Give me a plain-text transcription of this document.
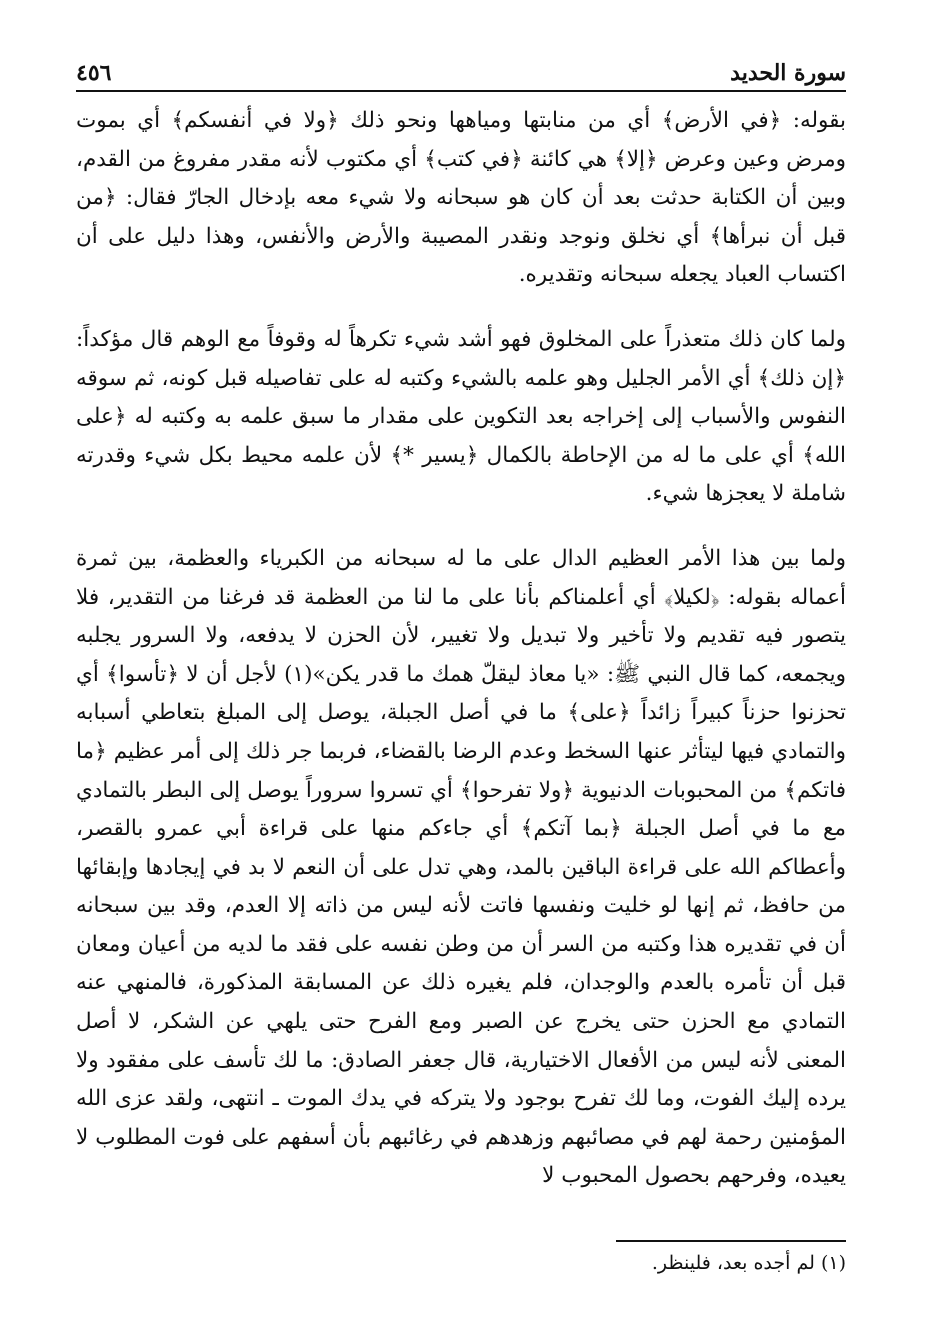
٤٥٦	سورة الحديد

بقوله: ﴿في الأرض﴾ أي من منابتها ومياهها ونحو ذلك ﴿ولا في أنفسكم﴾ أي بموت ومرض وعين وعرض ﴿إلا﴾ هي كائنة ﴿في كتب﴾ أي مكتوب لأنه مقدر مفروغ من القدم، وبين أن الكتابة حدثت بعد أن كان هو سبحانه ولا شيء معه بإدخال الجارّ فقال: ﴿من قبل أن نبرأها﴾ أي نخلق ونوجد ونقدر المصيبة والأرض والأنفس، وهذا دليل على أن اكتساب العباد يجعله سبحانه وتقديره.

ولما كان ذلك متعذراً على المخلوق فهو أشد شيء تكرهاً له وقوفاً مع الوهم قال مؤكداً: ﴿إن ذلك﴾ أي الأمر الجليل وهو علمه بالشيء وكتبه له على تفاصيله قبل كونه، ثم سوقه النفوس والأسباب إلى إخراجه بعد التكوين على مقدار ما سبق علمه به وكتبه له ﴿على الله﴾ أي على ما له من الإحاطة بالكمال ﴿يسير *﴾ لأن علمه محيط بكل شيء وقدرته شاملة لا يعجزها شيء.

ولما بين هذا الأمر العظيم الدال على ما له سبحانه من الكبرياء والعظمة، بين ثمرة أعماله بقوله: ﴿لكيلا﴾ أي أعلمناكم بأنا على ما لنا من العظمة قد فرغنا من التقدير، فلا يتصور فيه تقديم ولا تأخير ولا تبديل ولا تغيير، لأن الحزن لا يدفعه، ولا السرور يجلبه ويجمعه، كما قال النبي ﷺ: «يا معاذ ليقلّ همك ما قدر يكن»(١) لأجل أن لا ﴿تأسوا﴾ أي تحزنوا حزناً كبيراً زائداً ﴿على﴾ ما في أصل الجبلة، يوصل إلى المبلغ بتعاطي أسبابه والتمادي فيها ليتأثر عنها السخط وعدم الرضا بالقضاء، فربما جر ذلك إلى أمر عظيم ﴿ما فاتكم﴾ من المحبوبات الدنيوية ﴿ولا تفرحوا﴾ أي تسروا سروراً يوصل إلى البطر بالتمادي مع ما في أصل الجبلة ﴿بما آتكم﴾ أي جاءكم منها على قراءة أبي عمرو بالقصر، وأعطاكم الله على قراءة الباقين بالمد، وهي تدل على أن النعم لا بد في إيجادها وإبقائها من حافظ، ثم إنها لو خليت ونفسها فاتت لأنه ليس من ذاته إلا العدم، وقد بين سبحانه أن في تقديره هذا وكتبه من السر أن من وطن نفسه على فقد ما لديه من أعيان ومعان قبل أن تأمره بالعدم والوجدان، فلم يغيره ذلك عن المسابقة المذكورة، فالمنهي عنه التمادي مع الحزن حتى يخرج عن الصبر ومع الفرح حتى يلهي عن الشكر، لا أصل المعنى لأنه ليس من الأفعال الاختيارية، قال جعفر الصادق: ما لك تأسف على مفقود ولا يرده إليك الفوت، وما لك تفرح بوجود ولا يتركه في يدك الموت ـ انتهى، ولقد عزى الله المؤمنين رحمة لهم في مصائبهم وزهدهم في رغائبهم بأن أسفهم على فوت المطلوب لا يعيده، وفرحهم بحصول المحبوب لا

(١) لم أجده بعد، فلينظر.
